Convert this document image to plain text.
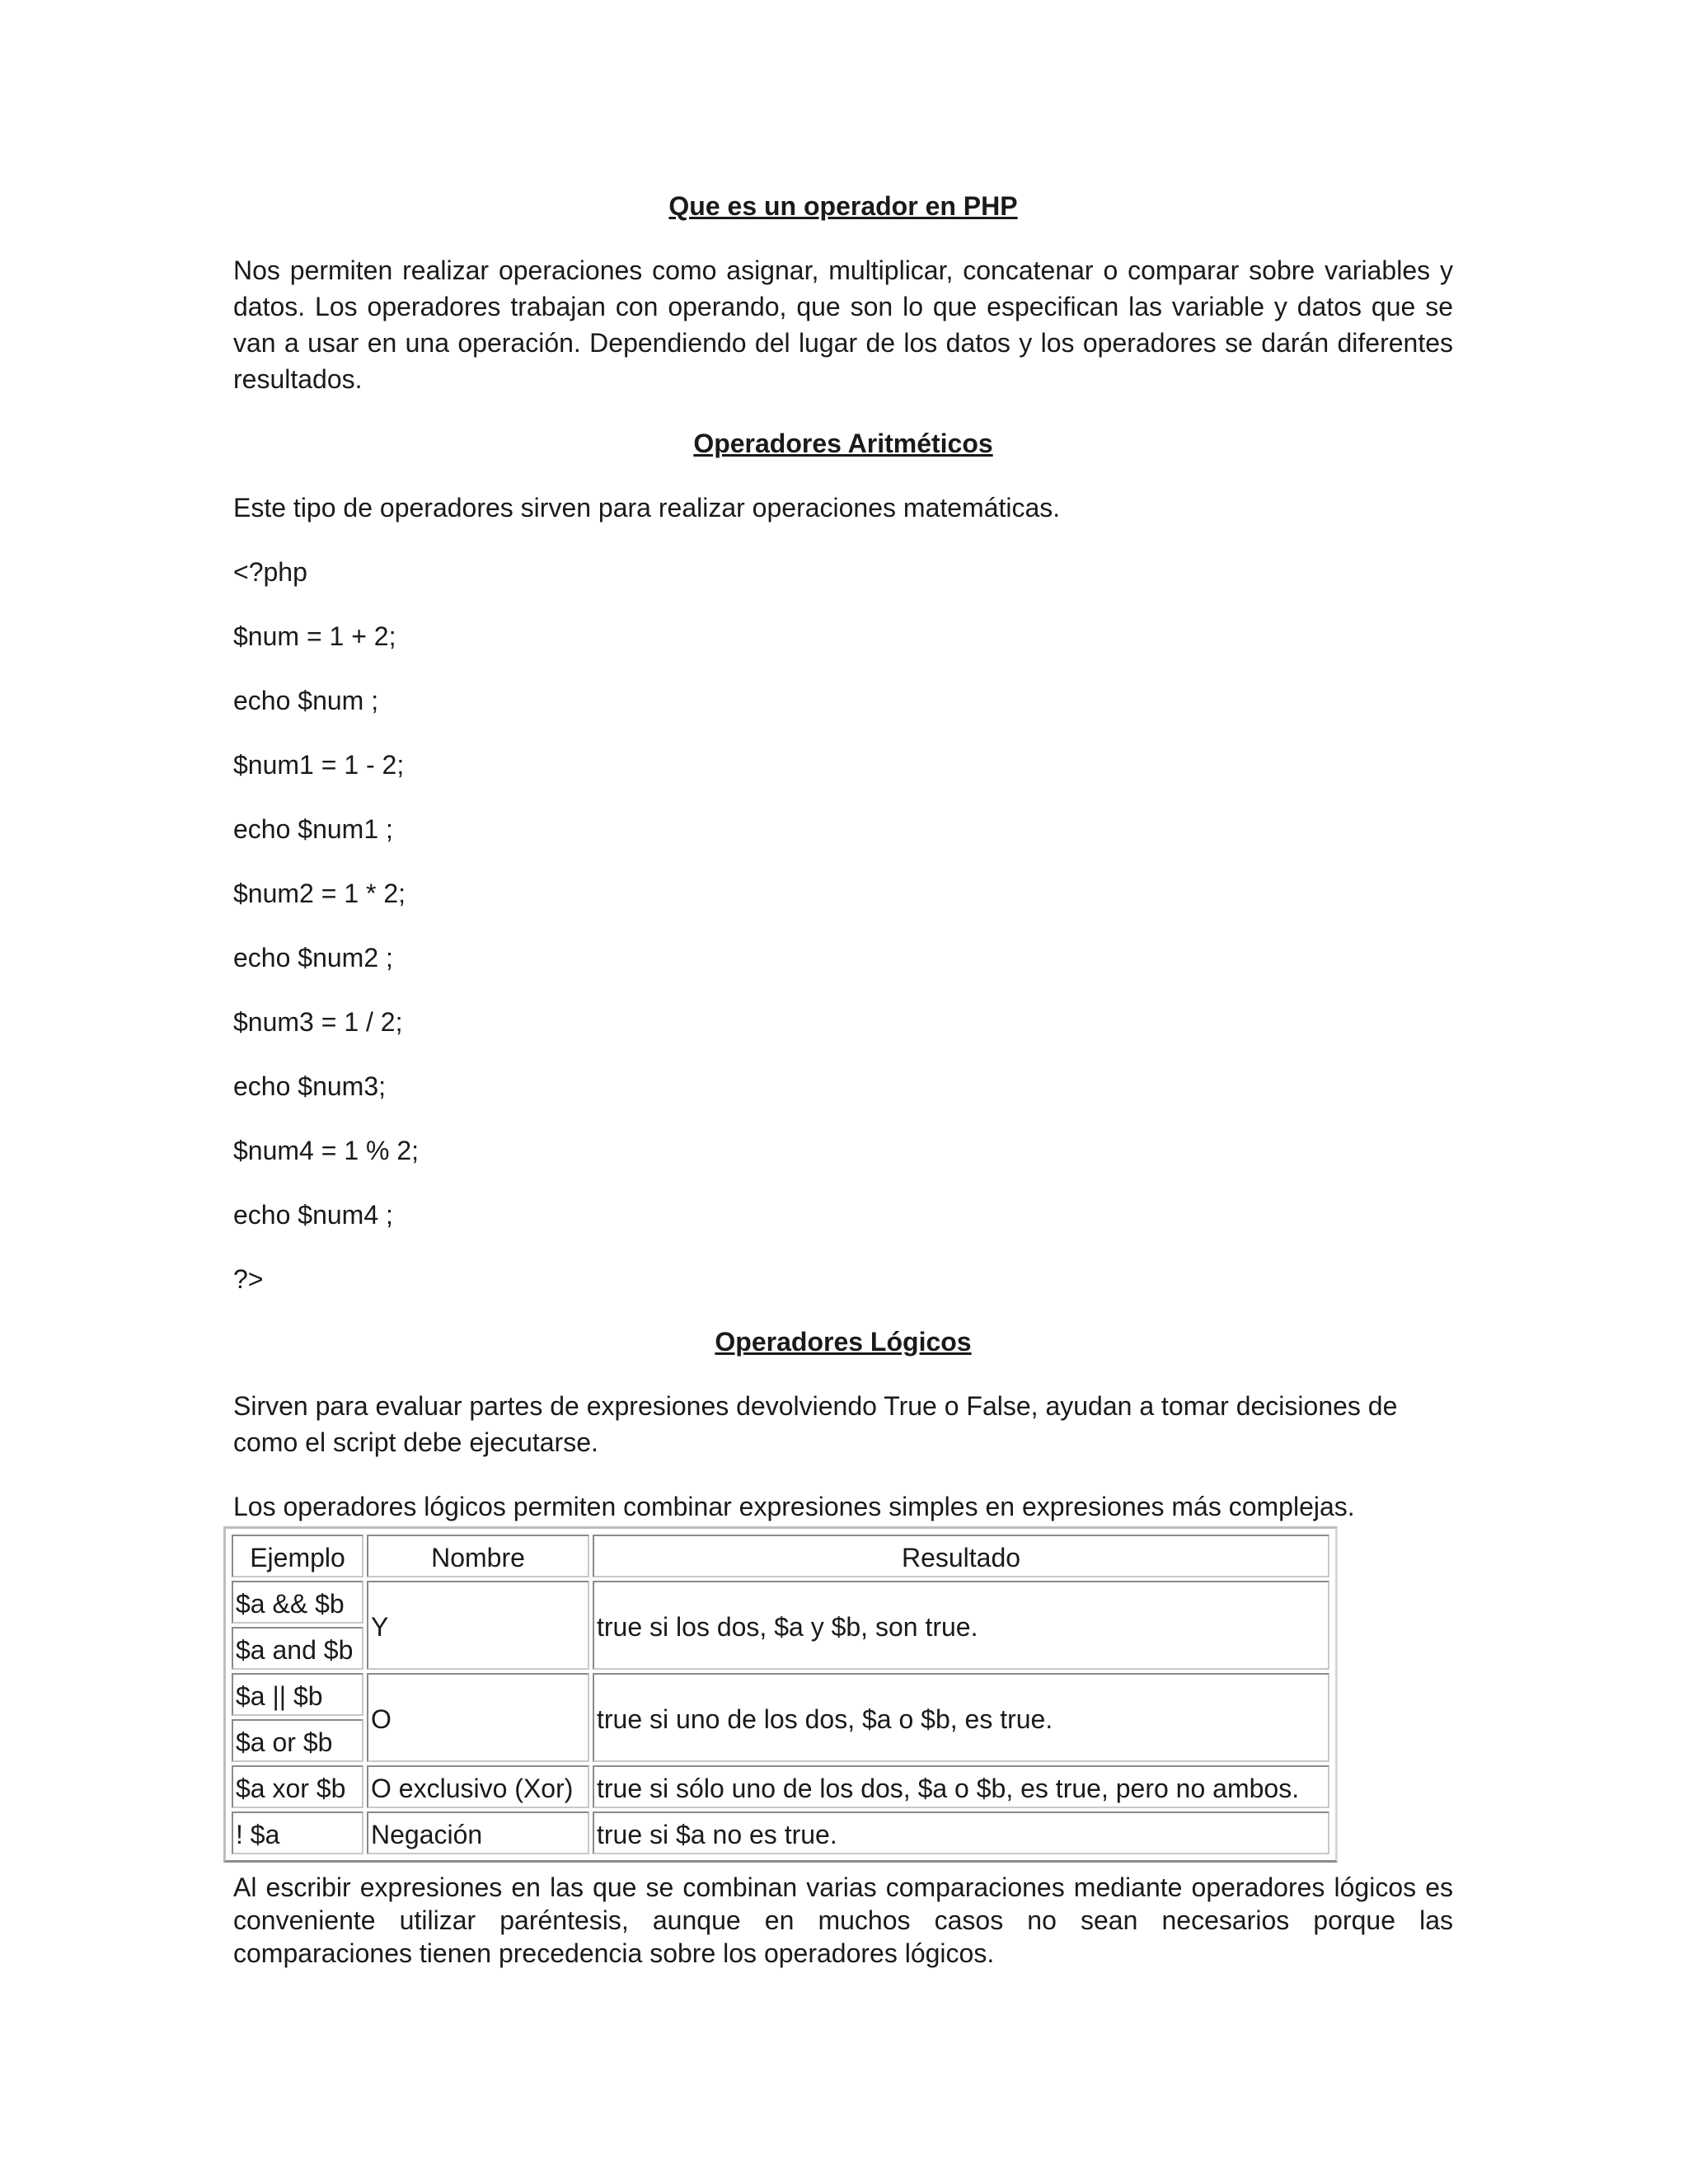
Que es un operador en PHP

Nos permiten realizar operaciones como asignar, multiplicar, concatenar o comparar sobre variables y datos. Los operadores trabajan con operando, que son lo que especifican las variable y datos que se van a usar en una operación. Dependiendo del lugar de los datos y los operadores se darán diferentes resultados.

Operadores Aritméticos

Este tipo de operadores sirven para realizar operaciones matemáticas.

<?php

$num = 1 + 2;

echo $num ;

$num1 = 1 - 2;

echo $num1 ;

$num2 = 1 * 2;

echo $num2 ;

$num3 = 1 / 2;

echo $num3;

$num4 = 1 % 2;

echo $num4 ;

?>

Operadores Lógicos

Sirven para evaluar partes de expresiones devolviendo True o False, ayudan a tomar decisiones de como el script debe ejecutarse.

Los operadores lógicos permiten combinar expresiones simples en expresiones más complejas.

Ejemplo	Nombre	Resultado
$a && $b	Y	true si los dos, $a y $b, son true.
$a and $b		
$a || $b	O	true si uno de los dos, $a o $b, es true.
$a or $b		
$a xor $b	O exclusivo (Xor)	true si sólo uno de los dos, $a o $b, es true, pero no ambos.
! $a	Negación	true si $a no es true.

Al escribir expresiones en las que se combinan varias comparaciones mediante operadores lógicos es conveniente utilizar paréntesis, aunque en muchos casos no sean necesarios porque las comparaciones tienen precedencia sobre los operadores lógicos.
